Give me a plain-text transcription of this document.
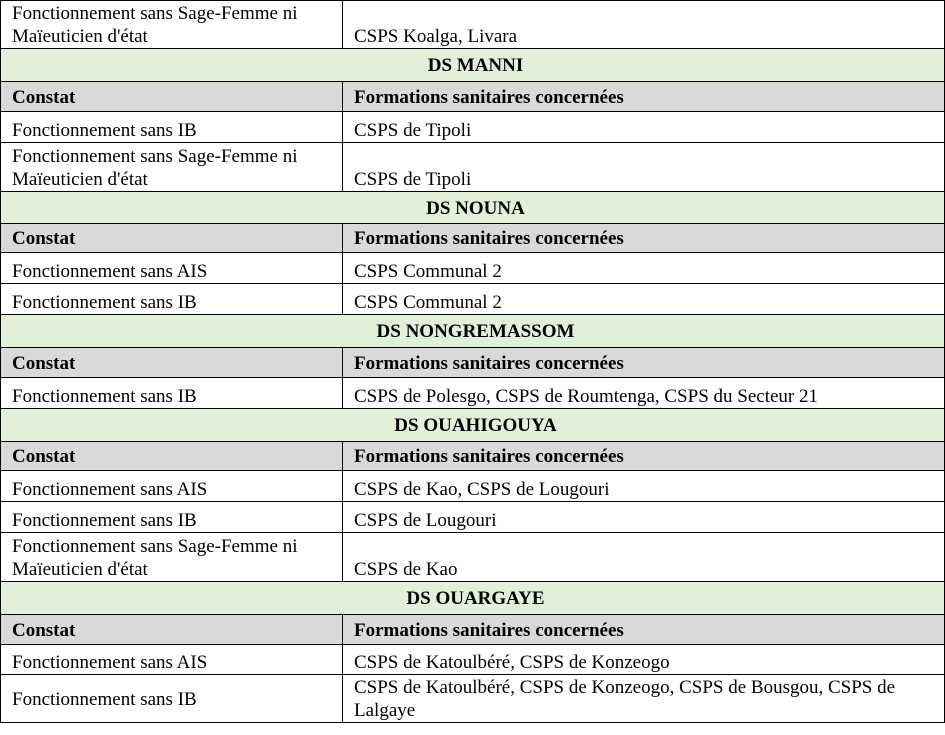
Fonctionnement sans Sage-Femme ni Maïeuticien d'état	CSPS Koalga, Livara
DS MANNI	
Constat	Formations sanitaires concernées
Fonctionnement sans IB	CSPS de Tipoli
Fonctionnement sans Sage-Femme ni Maïeuticien d'état	CSPS de Tipoli
DS NOUNA	
Constat	Formations sanitaires concernées
Fonctionnement sans AIS	CSPS Communal 2
Fonctionnement sans IB	CSPS Communal 2
DS NONGREMASSOM	
Constat	Formations sanitaires concernées
Fonctionnement sans IB	CSPS de Polesgo, CSPS de Roumtenga, CSPS du Secteur 21
DS OUAHIGOUYA	
Constat	Formations sanitaires concernées
Fonctionnement sans AIS	CSPS de Kao, CSPS de Lougouri
Fonctionnement sans IB	CSPS de Lougouri
Fonctionnement sans Sage-Femme ni Maïeuticien d'état	CSPS de Kao
DS OUARGAYE	
Constat	Formations sanitaires concernées
Fonctionnement sans AIS	CSPS de Katoulbéré, CSPS de Konzeogo
Fonctionnement sans IB	CSPS de Katoulbéré, CSPS de Konzeogo, CSPS de Bousgou, CSPS de Lalgaye
